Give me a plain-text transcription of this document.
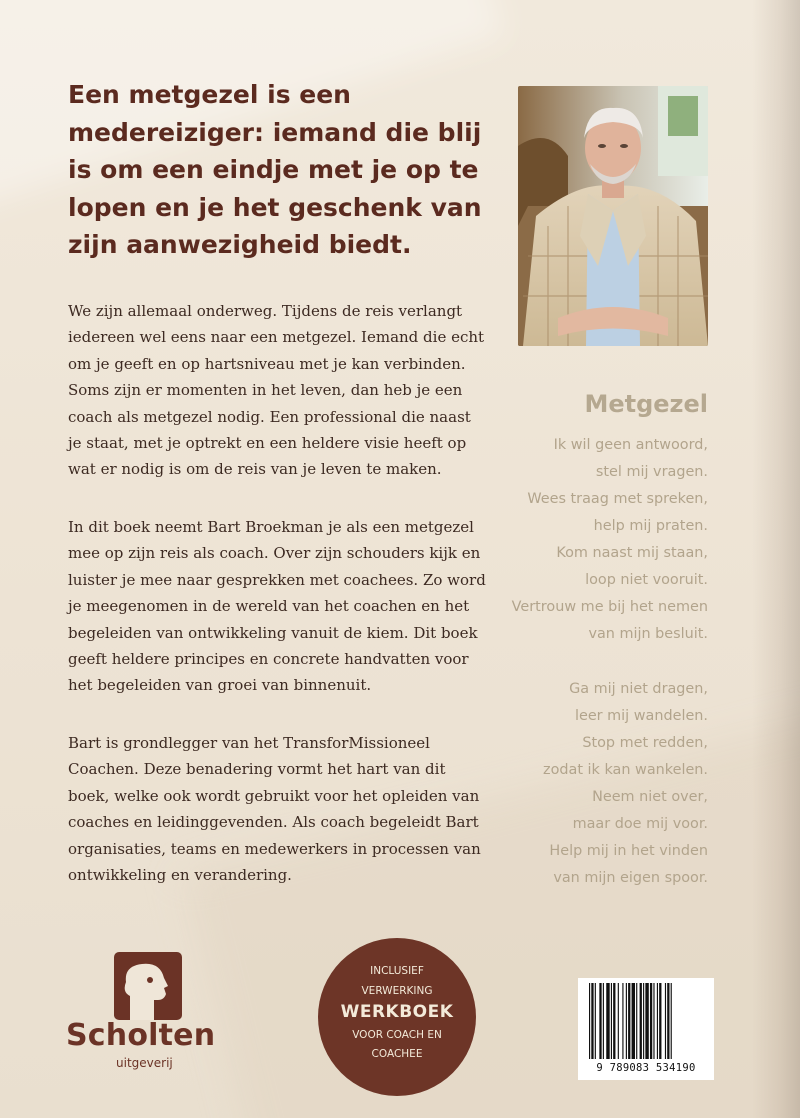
Een metgezel is een medereiziger: iemand die blij is om een eindje met je op te lopen en je het geschenk van zijn aanwezigheid biedt.

We zijn allemaal onderweg. Tijdens de reis verlangt iedereen wel eens naar een metgezel. Iemand die echt om je geeft en op hartsniveau met je kan verbinden. Soms zijn er momenten in het leven, dan heb je een coach als metgezel nodig. Een professional die naast je staat, met je optrekt en een heldere visie heeft op wat er nodig is om de reis van je leven te maken.

In dit boek neemt Bart Broekman je als een metgezel mee op zijn reis als coach. Over zijn schouders kijk en luister je mee naar gesprekken met coachees. Zo word je meegenomen in de wereld van het coachen en het begeleiden van ontwikkeling vanuit de kiem. Dit boek geeft heldere principes en concrete handvatten voor het begeleiden van groei van binnenuit.

Bart is grondlegger van het TransforMissioneel Coachen. Deze benadering vormt het hart van dit boek, welke ook wordt gebruikt voor het opleiden van coaches en leidinggevenden. Als coach begeleidt Bart organisaties, teams en medewerkers in processen van ontwikkeling en verandering.

Metgezel

Ik wil geen antwoord,
stel mij vragen.
Wees traag met spreken,
help mij praten.
Kom naast mij staan,
loop niet vooruit.
Vertrouw me bij het nemen
van mijn besluit.
Ga mij niet dragen,
leer mij wandelen.
Stop met redden,
zodat ik kan wankelen.
Neem niet over,
maar doe mij voor.
Help mij in het vinden
van mijn eigen spoor.

Scholten

uitgeverij

INCLUSIEF

VERWERKING

WERKBOEK

VOOR COACH EN

COACHEE

9 789083 534190
